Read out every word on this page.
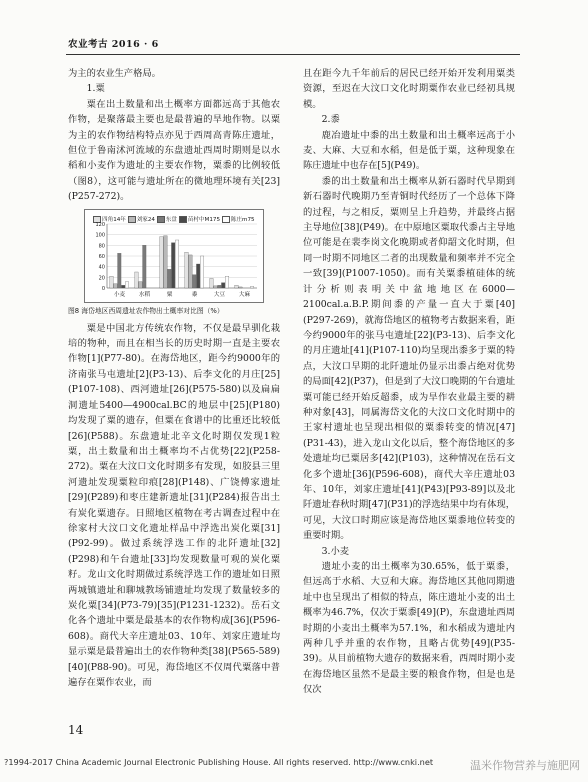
农业考古 2016 · 6

为主的农业生产格局。

1.粟

粟在出土数量和出土概率方面都远高于其他农作物，是聚落最主要也是最普遍的旱地作物。以粟为主的农作物结构特点亦见于西周高青陈庄遗址，但位于鲁南沭河流域的东盘遗址西周时期则是以水稻和小麦作为遗址的主要农作物，粟黍的比例较低（图8），这可能与遗址所在的微地理环境有关[23](P257-272)。

四角14年 刘家24 东盘 苗村中M175 陈庄m75
0
20
40
60
80
100
120
小麦 水稻	粟	黍	大豆 大麻
图8 海岱地区西周遗址农作物出土概率对比图（%）

粟是中国北方传统农作物，不仅是最早驯化栽培的物种，而且在相当长的历史时期一直是主要农作物[1](P77-80)。在海岱地区，距今约9000年的济南张马屯遗址[2](P3-13)、后李文化的月庄[25](P107-108)、西河遗址[26](P575-580)以及扁扁洞遗址5400—4900cal.BC的地层中[25](P180)均发现了粟的遗存，但粟在食谱中的比重还比较低[26](P588)。东盘遗址北辛文化时期仅发现1粒粟，出土数量和出土概率均不占优势[22](P258-272)。粟在大汶口文化时期多有发现，如胶县三里河遗址发现粟粒印痕[28](P148)、广饶傅家遗址[29](P289)和枣庄建新遗址[31](P284)报告出土有炭化粟遗存。日照地区植物在考古调查过程中在徐家村大汶口文化遗址样品中浮选出炭化粟[31](P92-99)。做过系统浮选工作的北阡遗址[32](P298)和午台遗址[33]均发现数量可观的炭化粟籽。龙山文化时期做过系统浮选工作的遗址如日照两城镇遗址和聊城教场铺遗址均发现了数量较多的炭化粟[34](P73-79)[35](P1231-1232)。岳石文化各个遗址中粟是最基本的农作物构成[36](P596-608)。商代大辛庄遗址03、10年、刘家庄遗址均显示粟是最普遍出土的农作物种类[38](P565-589)[40](P88-90)。可见，海岱地区不仅周代粟落中普遍存在粟作农业，而

且在距今九千年前后的居民已经开始开发利用粟类资源，至迟在大汶口文化时期粟作农业已经初具规模。

2.黍

鹿冶遗址中黍的出土数量和出土概率远高于小麦、大麻、大豆和水稻，但是低于粟，这种现象在陈庄遗址中也存在[5](P49)。

黍的出土数量和出土概率从新石器时代早期到新石器时代晚期乃至青铜时代经历了一个总体下降的过程，与之相反，粟则呈上升趋势，并最终占据主导地位[38](P49)。在中原地区粟取代黍占主导地位可能是在裴李岗文化晚期或者仰韶文化时期，但同一时期不同地区二者的出现数量和频率并不完全一致[39](P1007-1050)。而有关粟黍植硅体的统计分析则表明关中盆地地区在6000—2100cal.a.B.P.期间黍的产量一直大于粟[40](P297-269)，就海岱地区的植物考古数据来看，距今约9000年的张马屯遗址[22](P3-13)、后李文化的月庄遗址[41](P107-110)均呈现出黍多于粟的特点，大汶口早期的北阡遗址仍显示出黍占绝对优势的局面[42](P37)，但是到了大汶口晚期的午台遗址粟可能已经开始反超黍，成为旱作农业最主要的耕种对象[43]，同属海岱文化的大汶口文化时期中的王家村遗址也呈现出相似的粟黍转变的情况[47](P31-43)，进入龙山文化以后，整个海岱地区的多处遗址均已粟居多[42](P103)，这种情况在岳石文化多个遗址[36](P596-608)，商代大辛庄遗址03年、10年，刘家庄遗址[41](P43)[P93-89]以及北阡遗址春秋时期[47](P31)的浮选结果中均有体现，可见，大汶口时期应该是海岱地区粟黍地位转变的重要时期。

3.小麦

遗址小麦的出土概率为30.65%，低于粟黍，但远高于水稻、大豆和大麻。海岱地区其他同期遗址中也呈现出了相似的特点，陈庄遗址小麦的出土概率为46.7%，仅次于粟黍[49](P)，东盘遗址西周时期的小麦出土概率为57.1%，和水稻成为遗址内两种几乎并重的农作物，且略占优势[49](P35-39)。从目前植物大遗存的数据来看，西周时期小麦在海岱地区虽然不是最主要的粮食作物，但是也是仅次

14
?1994-2017 China Academic Journal Electronic Publishing House. All rights reserved. http://www.cnki.net	温米作物营养与施肥网
